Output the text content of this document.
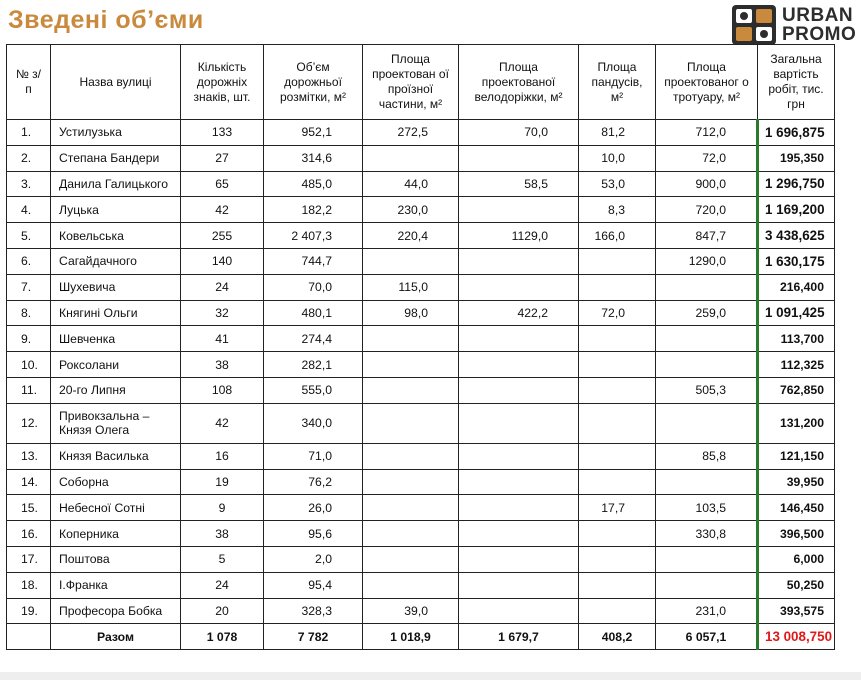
Зведені об’єми	URBAN
PROMO
№ з/п	Назва вулиці	Кількість дорожніх знаків, шт.	Об’єм дорожньої розмітки, м²	Площа проектован ої проїзної частини, м²	Площа проектованої велодоріжки, м²	Площа пандусів, м²	Площа проектованог о тротуару, м²	Загальна вартість робіт, тис. грн
1.	Устилузька	133	952,1	272,5	70,0	81,2	712,0	1 696,875
2.	Степана Бандери	27	314,6			10,0	72,0	195,350
3.	Данила Галицького	65	485,0	44,0	58,5	53,0	900,0	1 296,750
4.	Луцька	42	182,2	230,0		8,3	720,0	1 169,200
5.	Ковельська	255	2 407,3	220,4	1129,0	166,0	847,7	3 438,625
6.	Сагайдачного	140	744,7				1290,0	1 630,175
7.	Шухевича	24	70,0	115,0				216,400
8.	Княгині Ольги	32	480,1	98,0	422,2	72,0	259,0	1 091,425
9.	Шевченка	41	274,4					113,700
10.	Роксолани	38	282,1					112,325
11.	20-го Липня	108	555,0				505,3	762,850
12.	Привокзальна – Князя Олега	42	340,0					131,200
13.	Князя Василька	16	71,0				85,8	121,150
14.	Соборна	19	76,2					39,950
15.	Небесної Сотні	9	26,0			17,7	103,5	146,450
16.	Коперника	38	95,6				330,8	396,500
17.	Поштова	5	2,0					6,000
18.	І.Франка	24	95,4					50,250
19.	Професора Бобка	20	328,3	39,0			231,0	393,575
	Разом	1 078	7 782	1 018,9	1 679,7	408,2	6 057,1	13 008,750
